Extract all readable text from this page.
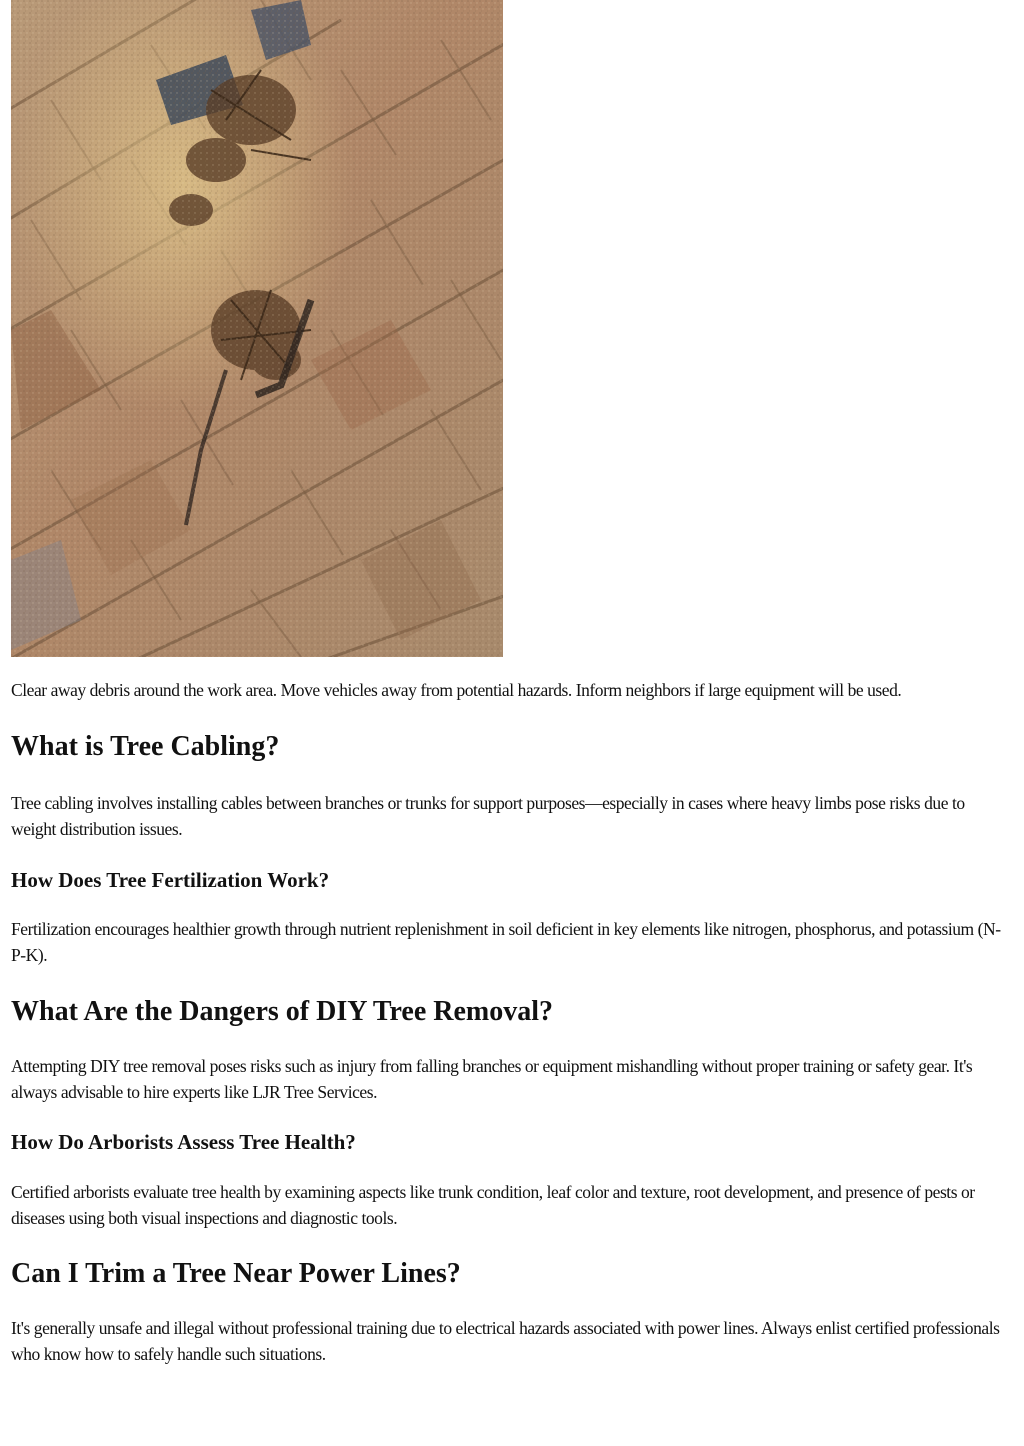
Clear away debris around the work area. Move vehicles away from potential hazards. Inform neighbors if large equipment will be used.

What is Tree Cabling?

Tree cabling involves installing cables between branches or trunks for support purposes—especially in cases where heavy limbs pose risks due to weight distribution issues.

How Does Tree Fertilization Work?

Fertilization encourages healthier growth through nutrient replenishment in soil deficient in key elements like nitrogen, phosphorus, and potassium (N-P-K).

What Are the Dangers of DIY Tree Removal?

Attempting DIY tree removal poses risks such as injury from falling branches or equipment mishandling without proper training or safety gear. It's always advisable to hire experts like LJR Tree Services.

How Do Arborists Assess Tree Health?

Certified arborists evaluate tree health by examining aspects like trunk condition, leaf color and texture, root development, and presence of pests or diseases using both visual inspections and diagnostic tools.

Can I Trim a Tree Near Power Lines?

It's generally unsafe and illegal without professional training due to electrical hazards associated with power lines. Always enlist certified professionals who know how to safely handle such situations.
